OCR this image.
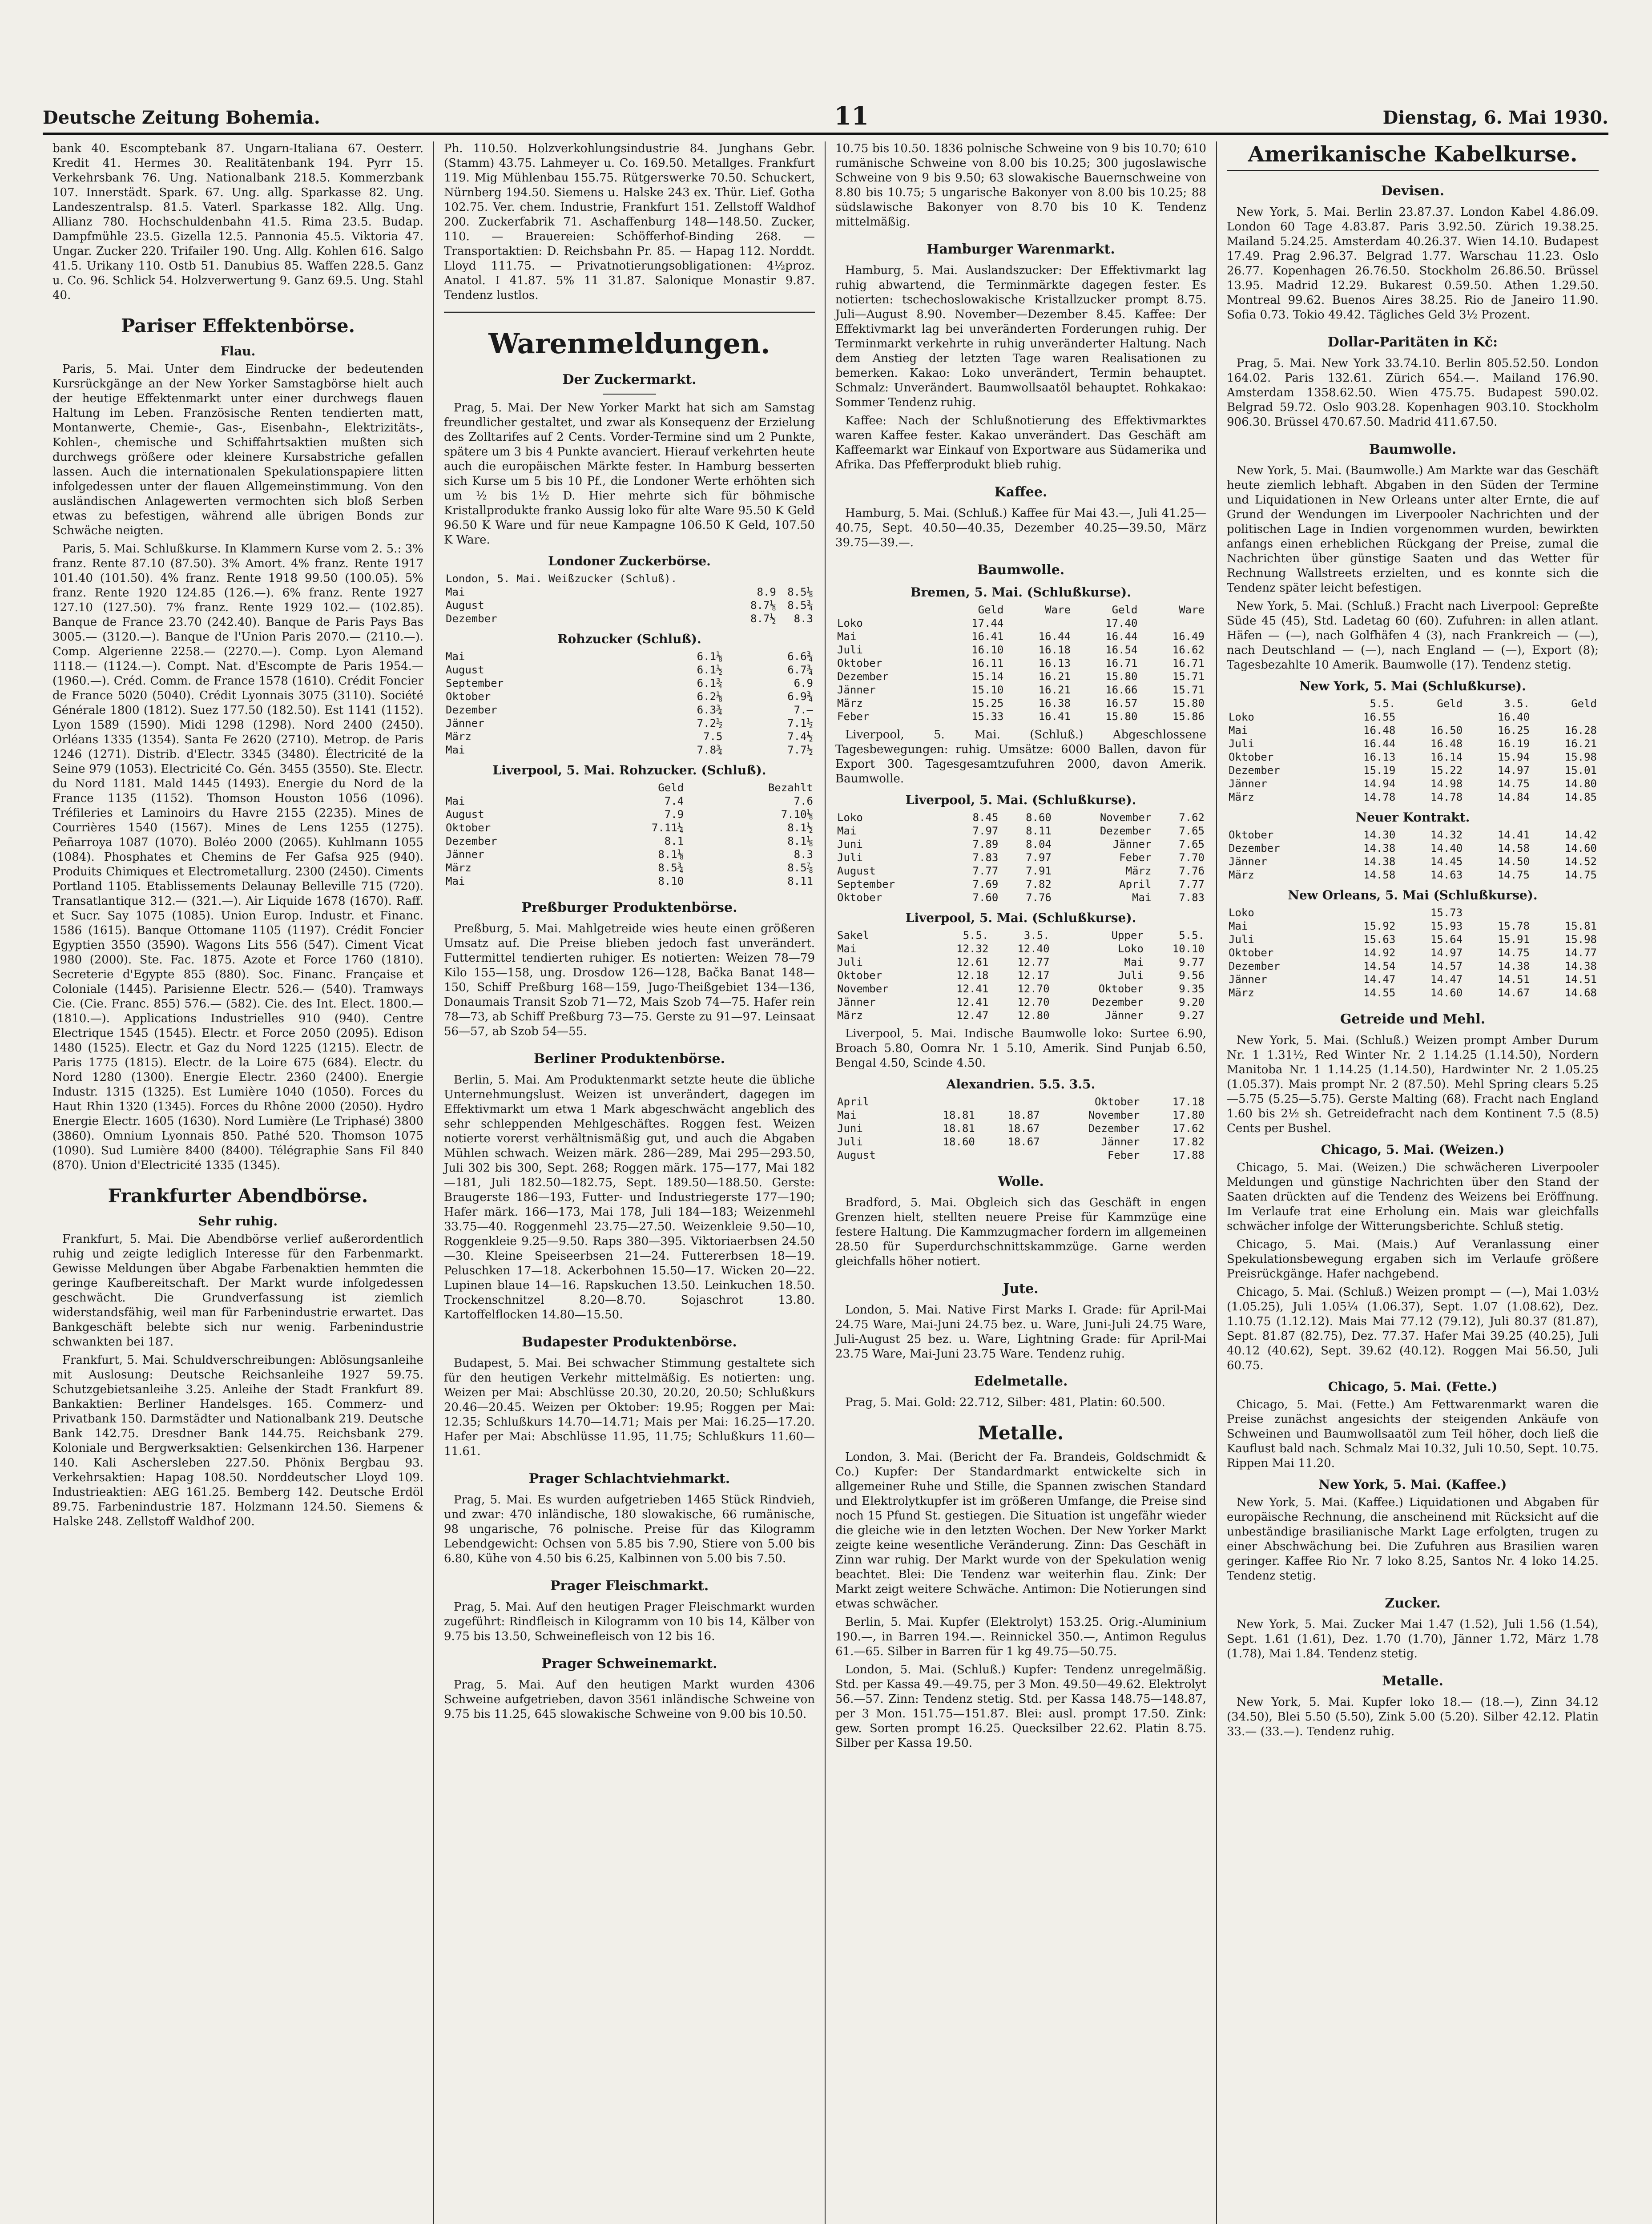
Deutsche Zeitung Bohemia.	11	Dienstag, 6. Mai 1930.

bank 40. Escomptebank 87. Ungarn-Italiana 67. Oesterr. Kredit 41. Hermes 30. Realitätenbank 194. Pyrr 15. Verkehrsbank 76. Ung. Nationalbank 218.5. Kommerzbank 107. Innerstädt. Spark. 67. Ung. allg. Sparkasse 82. Ung. Landeszentralsp. 81.5. Vaterl. Sparkasse 182. Allg. Ung. Allianz 780. Hochschuldenbahn 41.5. Rima 23.5. Budap. Dampfmühle 23.5. Gizella 12.5. Pannonia 45.5. Viktoria 47. Ungar. Zucker 220. Trifailer 190. Ung. Allg. Kohlen 616. Salgo 41.5. Urikany 110. Ostb 51. Danubius 85. Waffen 228.5. Ganz u. Co. 96. Schlick 54. Holzverwertung 9. Ganz 69.5. Ung. Stahl 40.

Pariser Effektenbörse.
Flau.

Paris, 5. Mai. Unter dem Eindrucke der bedeutenden Kursrückgänge an der New Yorker Samstagbörse hielt auch der heutige Effektenmarkt unter einer durchwegs flauen Haltung im Leben. Französische Renten tendierten matt, Montanwerte, Chemie-, Gas-, Eisenbahn-, Elektrizitäts-, Kohlen-, chemische und Schiffahrtsaktien mußten sich durchwegs größere oder kleinere Kursabstriche gefallen lassen. Auch die internationalen Spekulationspapiere litten infolgedessen unter der flauen Allgemeinstimmung. Von den ausländischen Anlagewerten vermochten sich bloß Serben etwas zu befestigen, während alle übrigen Bonds zur Schwäche neigten.

Paris, 5. Mai. Schlußkurse. In Klammern Kurse vom 2. 5.: 3% franz. Rente 87.10 (87.50). 3% Amort. 4% franz. Rente 1917 101.40 (101.50). 4% franz. Rente 1918 99.50 (100.05). 5% franz. Rente 1920 124.85 (126.—). 6% franz. Rente 1927 127.10 (127.50). 7% franz. Rente 1929 102.— (102.85). Banque de France 23.70 (242.40). Banque de Paris Pays Bas 3005.— (3120.—). Banque de l'Union Paris 2070.— (2110.—). Comp. Algerienne 2258.— (2270.—). Comp. Lyon Alemand 1118.— (1124.—). Compt. Nat. d'Escompte de Paris 1954.— (1960.—). Créd. Comm. de France 1578 (1610). Crédit Foncier de France 5020 (5040). Crédit Lyonnais 3075 (3110). Société Générale 1800 (1812). Suez 177.50 (182.50). Est 1141 (1152). Lyon 1589 (1590). Midi 1298 (1298). Nord 2400 (2450). Orléans 1335 (1354). Santa Fe 2620 (2710). Metrop. de Paris 1246 (1271). Distrib. d'Electr. 3345 (3480). Électricité de la Seine 979 (1053). Electricité Co. Gén. 3455 (3550). Ste. Electr. du Nord 1181. Mald 1445 (1493). Energie du Nord de la France 1135 (1152). Thomson Houston 1056 (1096). Tréfileries et Laminoirs du Havre 2155 (2235). Mines de Courrières 1540 (1567). Mines de Lens 1255 (1275). Peñarroya 1087 (1070). Boléo 2000 (2065). Kuhlmann 1055 (1084). Phosphates et Chemins de Fer Gafsa 925 (940). Produits Chimiques et Electrometallurg. 2300 (2450). Ciments Portland 1105. Etablissements Delaunay Belleville 715 (720). Transatlantique 312.— (321.—). Air Liquide 1678 (1670). Raff. et Sucr. Say 1075 (1085). Union Europ. Industr. et Financ. 1586 (1615). Banque Ottomane 1105 (1197). Crédit Foncier Egyptien 3550 (3590). Wagons Lits 556 (547). Ciment Vicat 1980 (2000). Ste. Fac. 1875. Azote et Force 1760 (1810). Secreterie d'Egypte 855 (880). Soc. Financ. Française et Coloniale (1445). Parisienne Electr. 526.— (540). Tramways Cie. (Cie. Franc. 855) 576.— (582). Cie. des Int. Elect. 1800.— (1810.—). Applications Industrielles 910 (940). Centre Electrique 1545 (1545). Electr. et Force 2050 (2095). Edison 1480 (1525). Electr. et Gaz du Nord 1225 (1215). Electr. de Paris 1775 (1815). Electr. de la Loire 675 (684). Electr. du Nord 1280 (1300). Energie Electr. 2360 (2400). Energie Industr. 1315 (1325). Est Lumière 1040 (1050). Forces du Haut Rhin 1320 (1345). Forces du Rhône 2000 (2050). Hydro Energie Electr. 1605 (1630). Nord Lumière (Le Triphasé) 3800 (3860). Omnium Lyonnais 850. Pathé 520. Thomson 1075 (1090). Sud Lumière 8400 (8400). Télégraphie Sans Fil 840 (870). Union d'Electricité 1335 (1345).

Frankfurter Abendbörse.
Sehr ruhig.

Frankfurt, 5. Mai. Die Abendbörse verlief außerordentlich ruhig und zeigte lediglich Interesse für den Farbenmarkt. Gewisse Meldungen über Abgabe Farbenaktien hemmten die geringe Kaufbereitschaft. Der Markt wurde infolgedessen geschwächt. Die Grundverfassung ist ziemlich widerstandsfähig, weil man für Farbenindustrie erwartet. Das Bankgeschäft belebte sich nur wenig. Farbenindustrie schwankten bei 187.

Frankfurt, 5. Mai. Schuldverschreibungen: Ablösungsanleihe mit Auslosung: Deutsche Reichsanleihe 1927 59.75. Schutzgebietsanleihe 3.25. Anleihe der Stadt Frankfurt 89. Bankaktien: Berliner Handelsges. 165. Commerz- und Privatbank 150. Darmstädter und Nationalbank 219. Deutsche Bank 142.75. Dresdner Bank 144.75. Reichsbank 279. Koloniale und Bergwerksaktien: Gelsenkirchen 136. Harpener 140. Kali Aschersleben 227.50. Phönix Bergbau 93. Verkehrsaktien: Hapag 108.50. Norddeutscher Lloyd 109. Industrieaktien: AEG 161.25. Bemberg 142. Deutsche Erdöl 89.75. Farbenindustrie 187. Holzmann 124.50. Siemens & Halske 248. Zellstoff Waldhof 200.

Ph. 110.50. Holzverkohlungsindustrie 84. Junghans Gebr. (Stamm) 43.75. Lahmeyer u. Co. 169.50. Metallges. Frankfurt 119. Mig Mühlenbau 155.75. Rütgerswerke 70.50. Schuckert, Nürnberg 194.50. Siemens u. Halske 243 ex. Thür. Lief. Gotha 102.75. Ver. chem. Industrie, Frankfurt 151. Zellstoff Waldhof 200. Zuckerfabrik 71. Aschaffenburg 148—148.50. Zucker, 110. — Brauereien: Schöfferhof-Binding 268. — Transportaktien: D. Reichsbahn Pr. 85. — Hapag 112. Norddt. Lloyd 111.75. — Privatnotierungsobligationen: 4½proz. Anatol. I 41.87. 5% 11 31.87. Salonique Monastir 9.87. Tendenz lustlos.

Warenmeldungen.
Der Zuckermarkt.

Prag, 5. Mai. Der New Yorker Markt hat sich am Samstag freundlicher gestaltet, und zwar als Konsequenz der Erzielung des Zolltarifes auf 2 Cents. Vorder-Termine sind um 2 Punkte, spätere um 3 bis 4 Punkte avanciert. Hierauf verkehrten heute auch die europäischen Märkte fester. In Hamburg besserten sich Kurse um 5 bis 10 Pf., die Londoner Werte erhöhten sich um ½ bis 1½ D. Hier mehrte sich für böhmische Kristallprodukte franko Aussig loko für alte Ware 95.50 K Geld 96.50 K Ware und für neue Kampagne 106.50 K Geld, 107.50 K Ware.

Londoner Zuckerbörse.
London, 5. Mai. Weißzucker (Schluß).		
Mai	8.9	8.5⅛
August	8.7⅛	8.5¾
Dezember	8.7½	8.3
Rohzucker (Schluß).
Mai	6.1⅛	6.6¾
August	6.1½	6.7¾
September	6.1¾	6.9
Oktober	6.2⅛	6.9¾
Dezember	6.3¾	7.—
Jänner	7.2½	7.1½
März	7.5	7.4½
Mai	7.8¾	7.7½
Liverpool, 5. Mai. Rohzucker. (Schluß).
	Geld	Bezahlt
Mai	7.4	7.6
August	7.9	7.10⅛
Oktober	7.11¼	8.1½
Dezember	8.1	8.1⅛
Jänner	8.1⅛	8.3
März	8.5¾	8.5⅞
Mai	8.10	8.11
Preßburger Produktenbörse.

Preßburg, 5. Mai. Mahlgetreide wies heute einen größeren Umsatz auf. Die Preise blieben jedoch fast unverändert. Futtermittel tendierten ruhiger. Es notierten: Weizen 78—79 Kilo 155—158, ung. Drosdow 126—128, Bačka Banat 148—150, Schiff Preßburg 168—159, Jugo-Theißgebiet 134—136, Donaumais Transit Szob 71—72, Mais Szob 74—75. Hafer rein 78—73, ab Schiff Preßburg 73—75. Gerste zu 91—97. Leinsaat 56—57, ab Szob 54—55.

Berliner Produktenbörse.

Berlin, 5. Mai. Am Produktenmarkt setzte heute die übliche Unternehmungslust. Weizen ist unverändert, dagegen im Effektivmarkt um etwa 1 Mark abgeschwächt angeblich des sehr schleppenden Mehlgeschäftes. Roggen fest. Weizen notierte vorerst verhältnismäßig gut, und auch die Abgaben Mühlen schwach. Weizen märk. 286—289, Mai 295—293.50, Juli 302 bis 300, Sept. 268; Roggen märk. 175—177, Mai 182—181, Juli 182.50—182.75, Sept. 189.50—188.50. Gerste: Braugerste 186—193, Futter- und Industriegerste 177—190; Hafer märk. 166—173, Mai 178, Juli 184—183; Weizenmehl 33.75—40. Roggenmehl 23.75—27.50. Weizenkleie 9.50—10, Roggenkleie 9.25—9.50. Raps 380—395. Viktoriaerbsen 24.50—30. Kleine Speiseerbsen 21—24. Futtererbsen 18—19. Peluschken 17—18. Ackerbohnen 15.50—17. Wicken 20—22. Lupinen blaue 14—16. Rapskuchen 13.50. Leinkuchen 18.50. Trockenschnitzel 8.20—8.70. Sojaschrot 13.80. Kartoffelflocken 14.80—15.50.

Budapester Produktenbörse.

Budapest, 5. Mai. Bei schwacher Stimmung gestaltete sich für den heutigen Verkehr mittelmäßig. Es notierten: ung. Weizen per Mai: Abschlüsse 20.30, 20.20, 20.50; Schlußkurs 20.46—20.45. Weizen per Oktober: 19.95; Roggen per Mai: 12.35; Schlußkurs 14.70—14.71; Mais per Mai: 16.25—17.20. Hafer per Mai: Abschlüsse 11.95, 11.75; Schlußkurs 11.60—11.61.

Prager Schlachtviehmarkt.

Prag, 5. Mai. Es wurden aufgetrieben 1465 Stück Rindvieh, und zwar: 470 inländische, 180 slowakische, 66 rumänische, 98 ungarische, 76 polnische. Preise für das Kilogramm Lebendgewicht: Ochsen von 5.85 bis 7.90, Stiere von 5.00 bis 6.80, Kühe von 4.50 bis 6.25, Kalbinnen von 5.00 bis 7.50.

Prager Fleischmarkt.

Prag, 5. Mai. Auf den heutigen Prager Fleischmarkt wurden zugeführt: Rindfleisch in Kilogramm von 10 bis 14, Kälber von 9.75 bis 13.50, Schweinefleisch von 12 bis 16.

Prager Schweinemarkt.

Prag, 5. Mai. Auf den heutigen Markt wurden 4306 Schweine aufgetrieben, davon 3561 inländische Schweine von 9.75 bis 11.25, 645 slowakische Schweine von 9.00 bis 10.50.

10.75 bis 10.50. 1836 polnische Schweine von 9 bis 10.70; 610 rumänische Schweine von 8.00 bis 10.25; 300 jugoslawische Schweine von 9 bis 9.50; 63 slowakische Bauernschweine von 8.80 bis 10.75; 5 ungarische Bakonyer von 8.00 bis 10.25; 88 südslawische Bakonyer von 8.70 bis 10 K. Tendenz mittelmäßig.

Hamburger Warenmarkt.

Hamburg, 5. Mai. Auslandszucker: Der Effektivmarkt lag ruhig abwartend, die Terminmärkte dagegen fester. Es notierten: tschechoslowakische Kristallzucker prompt 8.75. Juli—August 8.90. November—Dezember 8.45. Kaffee: Der Effektivmarkt lag bei unveränderten Forderungen ruhig. Der Terminmarkt verkehrte in ruhig unveränderter Haltung. Nach dem Anstieg der letzten Tage waren Realisationen zu bemerken. Kakao: Loko unverändert, Termin behauptet. Schmalz: Unverändert. Baumwollsaatöl behauptet. Rohkakao: Sommer Tendenz ruhig.

Kaffee: Nach der Schlußnotierung des Effektivmarktes waren Kaffee fester. Kakao unverändert. Das Geschäft am Kaffeemarkt war Einkauf von Exportware aus Südamerika und Afrika. Das Pfefferprodukt blieb ruhig.

Kaffee.

Hamburg, 5. Mai. (Schluß.) Kaffee für Mai 43.—, Juli 41.25—40.75, Sept. 40.50—40.35, Dezember 40.25—39.50, März 39.75—39.—.

Baumwolle.
Bremen, 5. Mai. (Schlußkurse).
	Geld	Ware	Geld	Ware
Loko	17.44		17.40	
Mai	16.41	16.44	16.44	16.49
Juli	16.10	16.18	16.54	16.62
Oktober	16.11	16.13	16.71	16.71
Dezember	15.14	16.21	15.80	15.71
Jänner	15.10	16.21	16.66	15.71
März	15.25	16.38	16.57	15.80
Feber	15.33	16.41	15.80	15.86

Liverpool, 5. Mai. (Schluß.) Abgeschlossene Tagesbewegungen: ruhig. Umsätze: 6000 Ballen, davon für Export 300. Tagesgesamtzufuhren 2000, davon Amerik. Baumwolle.

Liverpool, 5. Mai. (Schlußkurse).
Loko	8.45	8.60	November	7.62
Mai	7.97	8.11	Dezember	7.65
Juni	7.89	8.04	Jänner	7.65
Juli	7.83	7.97	Feber	7.70
August	7.77	7.91	März	7.76
September	7.69	7.82	April	7.77
Oktober	7.60	7.76	Mai	7.83
Liverpool, 5. Mai. (Schlußkurse).
Sakel	5.5.	3.5.	Upper	5.5.
Mai	12.32	12.40	Loko	10.10
Juli	12.61	12.77	Mai	9.77
Oktober	12.18	12.17	Juli	9.56
November	12.41	12.70	Oktober	9.35
Jänner	12.41	12.70	Dezember	9.20
März	12.47	12.80	Jänner	9.27

Liverpool, 5. Mai. Indische Baumwolle loko: Surtee 6.90, Broach 5.80, Oomra Nr. 1 5.10, Amerik. Sind Punjab 6.50, Bengal 4.50, Scinde 4.50.

Alexandrien. 5.5. 3.5.
April			Oktober	17.18
Mai	18.81	18.87	November	17.80
Juni	18.81	18.67	Dezember	17.62
Juli	18.60	18.67	Jänner	17.82
August			Feber	17.88
Wolle.

Bradford, 5. Mai. Obgleich sich das Geschäft in engen Grenzen hielt, stellten neuere Preise für Kammzüge eine festere Haltung. Die Kammzugmacher fordern im allgemeinen 28.50 für Superdurchschnittskammzüge. Garne werden gleichfalls höher notiert.

Jute.

London, 5. Mai. Native First Marks I. Grade: für April-Mai 24.75 Ware, Mai-Juni 24.75 bez. u. Ware, Juni-Juli 24.75 Ware, Juli-August 25 bez. u. Ware, Lightning Grade: für April-Mai 23.75 Ware, Mai-Juni 23.75 Ware. Tendenz ruhig.

Edelmetalle.

Prag, 5. Mai. Gold: 22.712, Silber: 481, Platin: 60.500.

Metalle.

London, 3. Mai. (Bericht der Fa. Brandeis, Goldschmidt & Co.) Kupfer: Der Standardmarkt entwickelte sich in allgemeiner Ruhe und Stille, die Spannen zwischen Standard und Elektrolytkupfer ist im größeren Umfange, die Preise sind noch 15 Pfund St. gestiegen. Die Situation ist ungefähr wieder die gleiche wie in den letzten Wochen. Der New Yorker Markt zeigte keine wesentliche Veränderung. Zinn: Das Geschäft in Zinn war ruhig. Der Markt wurde von der Spekulation wenig beachtet. Blei: Die Tendenz war weiterhin flau. Zink: Der Markt zeigt weitere Schwäche. Antimon: Die Notierungen sind etwas schwächer.

Berlin, 5. Mai. Kupfer (Elektrolyt) 153.25. Orig.-Aluminium 190.—, in Barren 194.—. Reinnickel 350.—, Antimon Regulus 61.—65. Silber in Barren für 1 kg 49.75—50.75.

London, 5. Mai. (Schluß.) Kupfer: Tendenz unregelmäßig. Std. per Kassa 49.—49.75, per 3 Mon. 49.50—49.62. Elektrolyt 56.—57. Zinn: Tendenz stetig. Std. per Kassa 148.75—148.87, per 3 Mon. 151.75—151.87. Blei: ausl. prompt 17.50. Zink: gew. Sorten prompt 16.25. Quecksilber 22.62. Platin 8.75. Silber per Kassa 19.50.

Amerikanische Kabelkurse.
Devisen.

New York, 5. Mai. Berlin 23.87.37. London Kabel 4.86.09. London 60 Tage 4.83.87. Paris 3.92.50. Zürich 19.38.25. Mailand 5.24.25. Amsterdam 40.26.37. Wien 14.10. Budapest 17.49. Prag 2.96.37. Belgrad 1.77. Warschau 11.23. Oslo 26.77. Kopenhagen 26.76.50. Stockholm 26.86.50. Brüssel 13.95. Madrid 12.29. Bukarest 0.59.50. Athen 1.29.50. Montreal 99.62. Buenos Aires 38.25. Rio de Janeiro 11.90. Sofia 0.73. Tokio 49.42. Tägliches Geld 3½ Prozent.

Dollar-Paritäten in Kč:

Prag, 5. Mai. New York 33.74.10. Berlin 805.52.50. London 164.02. Paris 132.61. Zürich 654.—. Mailand 176.90. Amsterdam 1358.62.50. Wien 475.75. Budapest 590.02. Belgrad 59.72. Oslo 903.28. Kopenhagen 903.10. Stockholm 906.30. Brüssel 470.67.50. Madrid 411.67.50.

Baumwolle.

New York, 5. Mai. (Baumwolle.) Am Markte war das Geschäft heute ziemlich lebhaft. Abgaben in den Süden der Termine und Liquidationen in New Orleans unter alter Ernte, die auf Grund der Wendungen im Liverpooler Nachrichten und der politischen Lage in Indien vorgenommen wurden, bewirkten anfangs einen erheblichen Rückgang der Preise, zumal die Nachrichten über günstige Saaten und das Wetter für Rechnung Wallstreets erzielten, und es konnte sich die Tendenz später leicht befestigen.

New York, 5. Mai. (Schluß.) Fracht nach Liverpool: Gepreßte Süde 45 (45), Std. Ladetag 60 (60). Zufuhren: in allen atlant. Häfen — (—), nach Golfhäfen 4 (3), nach Frankreich — (—), nach Deutschland — (—), nach England — (—), Export (8); Tagesbezahlte 10 Amerik. Baumwolle (17). Tendenz stetig.

New York, 5. Mai (Schlußkurse).
	5.5.	Geld	3.5.	Geld
Loko	16.55		16.40	
Mai	16.48	16.50	16.25	16.28
Juli	16.44	16.48	16.19	16.21
Oktober	16.13	16.14	15.94	15.98
Dezember	15.19	15.22	14.97	15.01
Jänner	14.94	14.98	14.75	14.80
März	14.78	14.78	14.84	14.85
Neuer Kontrakt.
Oktober	14.30	14.32	14.41	14.42
Dezember	14.38	14.40	14.58	14.60
Jänner	14.38	14.45	14.50	14.52
März	14.58	14.63	14.75	14.75
New Orleans, 5. Mai (Schlußkurse).
Loko		15.73		
Mai	15.92	15.93	15.78	15.81
Juli	15.63	15.64	15.91	15.98
Oktober	14.92	14.97	14.75	14.77
Dezember	14.54	14.57	14.38	14.38
Jänner	14.47	14.47	14.51	14.51
März	14.55	14.60	14.67	14.68
Getreide und Mehl.

New York, 5. Mai. (Schluß.) Weizen prompt Amber Durum Nr. 1 1.31½, Red Winter Nr. 2 1.14.25 (1.14.50), Nordern Manitoba Nr. 1 1.14.25 (1.14.50), Hardwinter Nr. 2 1.05.25 (1.05.37). Mais prompt Nr. 2 (87.50). Mehl Spring clears 5.25—5.75 (5.25—5.75). Gerste Malting (68). Fracht nach England 1.60 bis 2½ sh. Getreidefracht nach dem Kontinent 7.5 (8.5) Cents per Bushel.

Chicago, 5. Mai. (Weizen.)

Chicago, 5. Mai. (Weizen.) Die schwächeren Liverpooler Meldungen und günstige Nachrichten über den Stand der Saaten drückten auf die Tendenz des Weizens bei Eröffnung. Im Verlaufe trat eine Erholung ein. Mais war gleichfalls schwächer infolge der Witterungsberichte. Schluß stetig.

Chicago, 5. Mai. (Mais.) Auf Veranlassung einer Spekulationsbewegung ergaben sich im Verlaufe größere Preisrückgänge. Hafer nachgebend.

Chicago, 5. Mai. (Schluß.) Weizen prompt — (—), Mai 1.03½ (1.05.25), Juli 1.05¼ (1.06.37), Sept. 1.07 (1.08.62), Dez. 1.10.75 (1.12.12). Mais Mai 77.12 (79.12), Juli 80.37 (81.87), Sept. 81.87 (82.75), Dez. 77.37. Hafer Mai 39.25 (40.25), Juli 40.12 (40.62), Sept. 39.62 (40.12). Roggen Mai 56.50, Juli 60.75.

Chicago, 5. Mai. (Fette.)

Chicago, 5. Mai. (Fette.) Am Fettwarenmarkt waren die Preise zunächst angesichts der steigenden Ankäufe von Schweinen und Baumwollsaatöl zum Teil höher, doch ließ die Kauflust bald nach. Schmalz Mai 10.32, Juli 10.50, Sept. 10.75. Rippen Mai 11.20.

New York, 5. Mai. (Kaffee.)

New York, 5. Mai. (Kaffee.) Liquidationen und Abgaben für europäische Rechnung, die anscheinend mit Rücksicht auf die unbeständige brasilianische Markt Lage erfolgten, trugen zu einer Abschwächung bei. Die Zufuhren aus Brasilien waren geringer. Kaffee Rio Nr. 7 loko 8.25, Santos Nr. 4 loko 14.25. Tendenz stetig.

Zucker.

New York, 5. Mai. Zucker Mai 1.47 (1.52), Juli 1.56 (1.54), Sept. 1.61 (1.61), Dez. 1.70 (1.70), Jänner 1.72, März 1.78 (1.78), Mai 1.84. Tendenz stetig.

Metalle.

New York, 5. Mai. Kupfer loko 18.— (18.—), Zinn 34.12 (34.50), Blei 5.50 (5.50), Zink 5.00 (5.20). Silber 42.12. Platin 33.— (33.—). Tendenz ruhig.
